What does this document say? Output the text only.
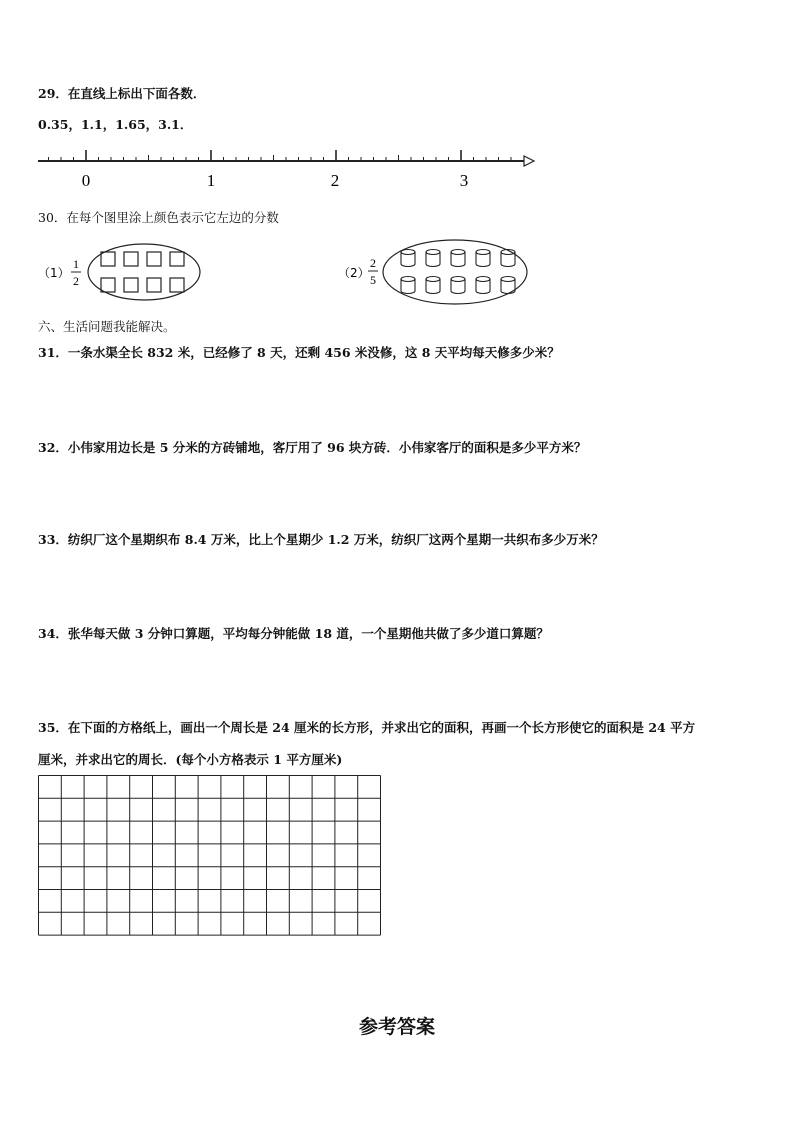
29．在直线上标出下面各数．
0.35，1.1，1.65，3.1．
0	1	2	3
30．在每个图里涂上颜色表示它左边的分数
（1）
1
2
（2）
2
5
六、生活问题我能解决。
31．一条水渠全长 832 米，已经修了 8 天，还剩 456 米没修，这 8 天平均每天修多少米？
32．小伟家用边长是 5 分米的方砖铺地，客厅用了 96 块方砖．小伟家客厅的面积是多少平方米？
33．纺织厂这个星期织布 8.4 万米，比上个星期少 1.2 万米，纺织厂这两个星期一共织布多少万米？
34．张华每天做 3 分钟口算题，平均每分钟能做 18 道，一个星期他共做了多少道口算题？
35．在下面的方格纸上，画出一个周长是 24 厘米的长方形，并求出它的面积，再画一个长方形使它的面积是 24 平方
厘米，并求出它的周长．(每个小方格表示 1 平方厘米)
参考答案
